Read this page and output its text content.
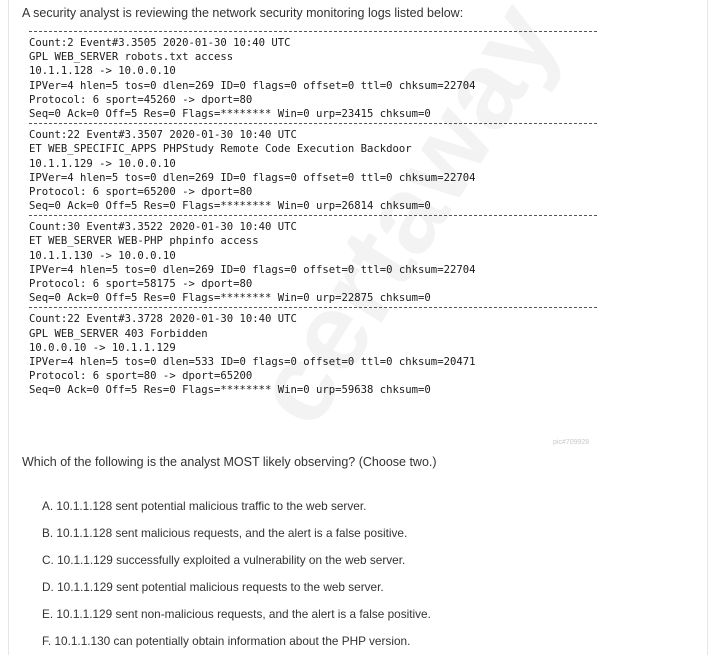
A security analyst is reviewing the network security monitoring logs listed below:
Count:2 Event#3.3505 2020-01-30 10:40 UTC
GPL WEB_SERVER robots.txt access
10.1.1.128 -> 10.0.0.10
IPVer=4 hlen=5 tos=0 dlen=269 ID=0 flags=0 offset=0 ttl=0 chksum=22704
Protocol: 6 sport=45260 -> dport=80
Seq=0 Ack=0 Off=5 Res=0 Flags=******** Win=0 urp=23415 chksum=0
Count:22 Event#3.3507 2020-01-30 10:40 UTC
ET WEB_SPECIFIC_APPS PHPStudy Remote Code Execution Backdoor
10.1.1.129 -> 10.0.0.10
IPVer=4 hlen=5 tos=0 dlen=269 ID=0 flags=0 offset=0 ttl=0 chksum=22704
Protocol: 6 sport=65200 -> dport=80
Seq=0 Ack=0 Off=5 Res=0 Flags=******** Win=0 urp=26814 chksum=0
Count:30 Event#3.3522 2020-01-30 10:40 UTC
ET WEB_SERVER WEB-PHP phpinfo access
10.1.1.130 -> 10.0.0.10
IPVer=4 hlen=5 tos=0 dlen=269 ID=0 flags=0 offset=0 ttl=0 chksum=22704
Protocol: 6 sport=58175 -> dport=80
Seq=0 Ack=0 Off=5 Res=0 Flags=******** Win=0 urp=22875 chksum=0
Count:22 Event#3.3728 2020-01-30 10:40 UTC
GPL WEB_SERVER 403 Forbidden
10.0.0.10 -> 10.1.1.129
IPVer=4 hlen=5 tos=0 dlen=533 ID=0 flags=0 offset=0 ttl=0 chksum=20471
Protocol: 6 sport=80 -> dport=65200
Seq=0 Ack=0 Off=5 Res=0 Flags=******** Win=0 urp=59638 chksum=0
pic#709928
Which of the following is the analyst MOST likely observing? (Choose two.)
A. 10.1.1.128 sent potential malicious traffic to the web server.
B. 10.1.1.128 sent malicious requests, and the alert is a false positive.
C. 10.1.1.129 successfully exploited a vulnerability on the web server.
D. 10.1.1.129 sent potential malicious requests to the web server.
E. 10.1.1.129 sent non-malicious requests, and the alert is a false positive.
F. 10.1.1.130 can potentially obtain information about the PHP version.
